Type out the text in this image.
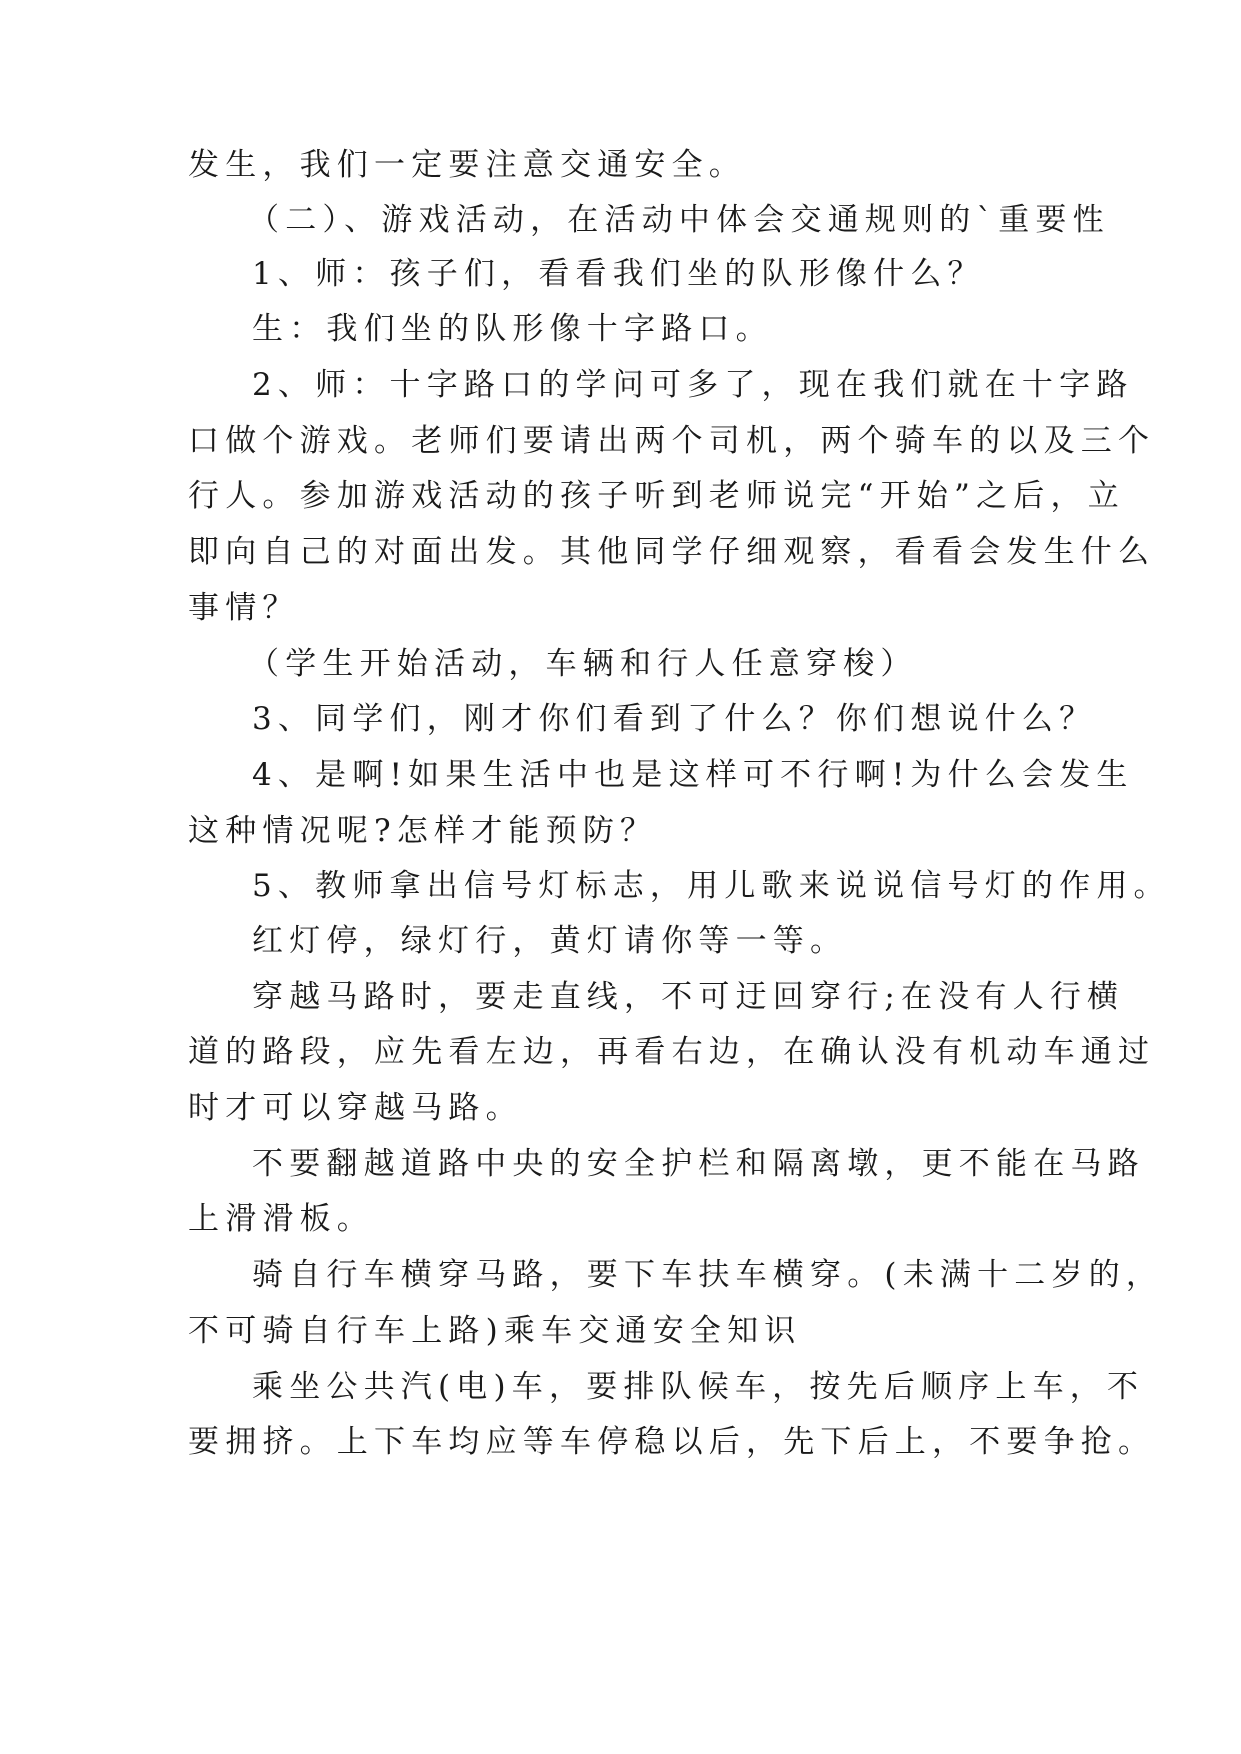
发生，我们一定要注意交通安全。
（二）、游戏活动，在活动中体会交通规则的`重要性
1、师：孩子们，看看我们坐的队形像什么？
生：我们坐的队形像十字路口。
2、师：十字路口的学问可多了，现在我们就在十字路
口做个游戏。老师们要请出两个司机，两个骑车的以及三个
行人。参加游戏活动的孩子听到老师说完“开始”之后，立
即向自己的对面出发。其他同学仔细观察，看看会发生什么
事情？
（学生开始活动，车辆和行人任意穿梭）
3、同学们，刚才你们看到了什么？你们想说什么？
4、是啊!如果生活中也是这样可不行啊!为什么会发生
这种情况呢?怎样才能预防？
5、教师拿出信号灯标志，用儿歌来说说信号灯的作用。
红灯停，绿灯行，黄灯请你等一等。
穿越马路时，要走直线，不可迂回穿行;在没有人行横
道的路段，应先看左边，再看右边，在确认没有机动车通过
时才可以穿越马路。
不要翻越道路中央的安全护栏和隔离墩，更不能在马路
上滑滑板。
骑自行车横穿马路，要下车扶车横穿。(未满十二岁的，
不可骑自行车上路)乘车交通安全知识
乘坐公共汽(电)车，要排队候车，按先后顺序上车，不
要拥挤。上下车均应等车停稳以后，先下后上，不要争抢。
